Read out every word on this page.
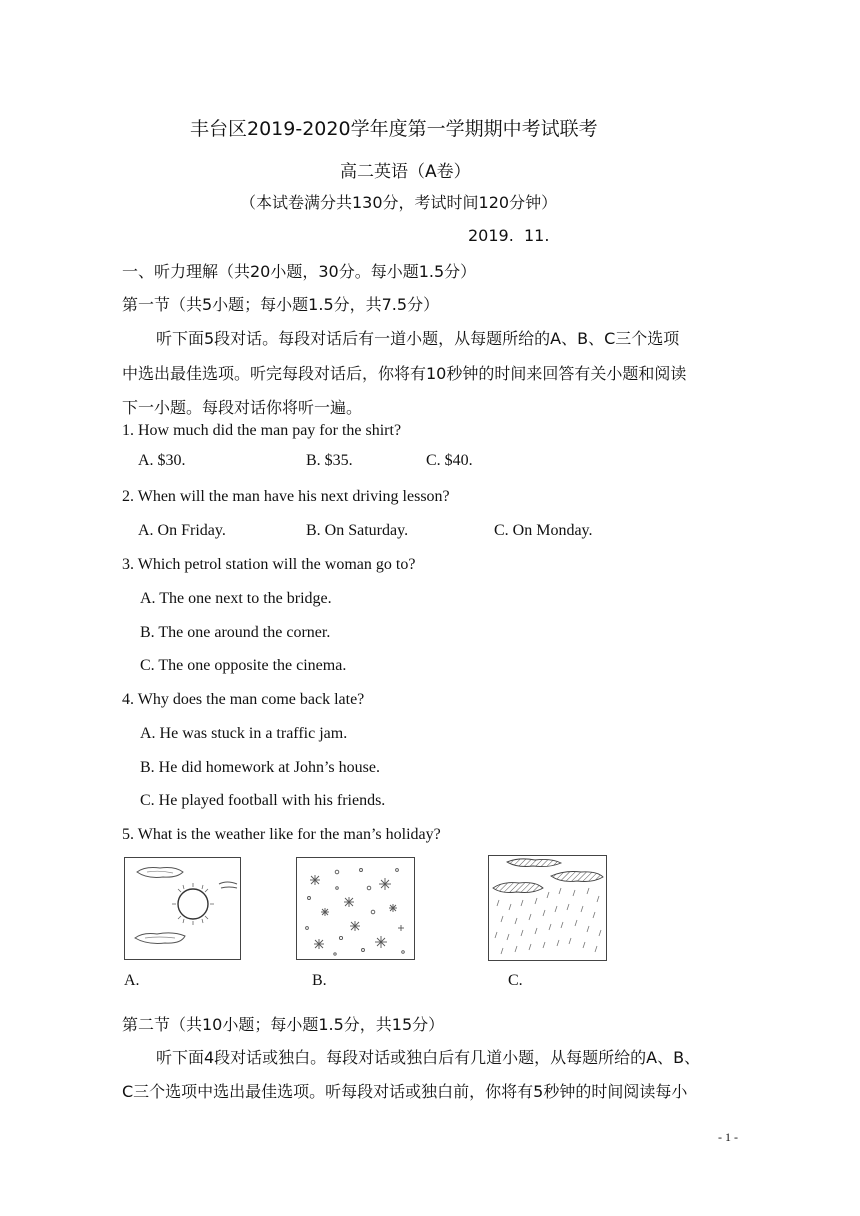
丰台区2019-2020学年度第一学期期中考试联考
高二英语（A卷）
（本试卷满分共130分，考试时间120分钟）
2019.  11.
一、听力理解（共20小题，30分。每小题1.5分）
第一节（共5小题；每小题1.5分，共7.5分）
听下面5段对话。每段对话后有一道小题，从每题所给的A、B、C三个选项
中选出最佳选项。听完每段对话后，你将有10秒钟的时间来回答有关小题和阅读
下一小题。每段对话你将听一遍。
1. How much did the man pay for the shirt?
A. $30.	B. $35.	C. $40.
2. When will the man have his next driving lesson?
A. On Friday.	B. On Saturday.	C. On Monday.
3. Which petrol station will the woman go to?
A. The one next to the bridge.
B. The one around the corner.
C. The one opposite the cinema.
4. Why does the man come back late?
A. He was stuck in a traffic jam.
B. He did homework at John’s house.
C. He played football with his friends.
5. What is the weather like for the man’s holiday?
A.	B.	C.
第二节（共10小题；每小题1.5分，共15分）
听下面4段对话或独白。每段对话或独白后有几道小题，从每题所给的A、B、
C三个选项中选出最佳选项。听每段对话或独白前，你将有5秒钟的时间阅读每小
- 1 -
